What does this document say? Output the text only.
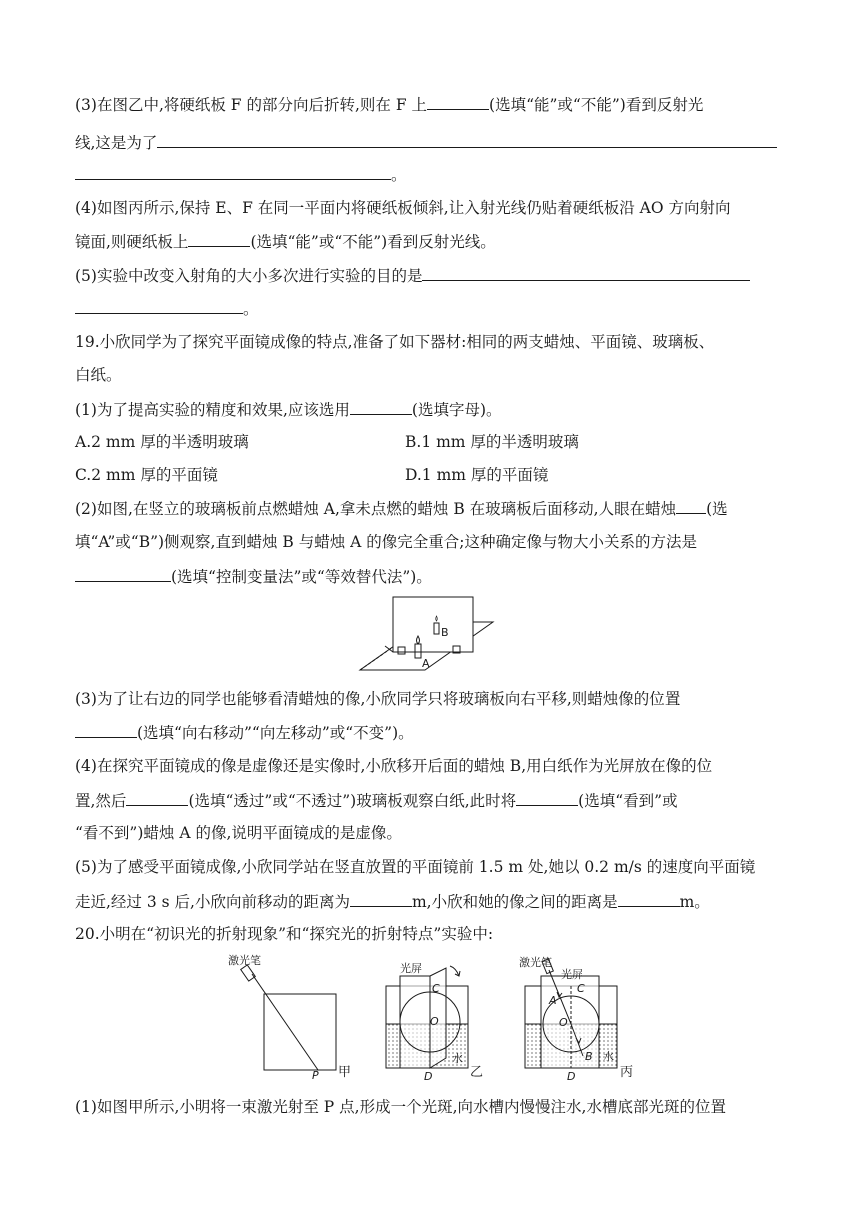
(3)在图乙中,将硬纸板 F 的部分向后折转,则在 F 上	(选填“能”或“不能”)看到反射光
线,这是为了
。
(4)如图丙所示,保持 E、F 在同一平面内将硬纸板倾斜,让入射光线仍贴着硬纸板沿 AO 方向射向
镜面,则硬纸板上	(选填“能”或“不能”)看到反射光线。
(5)实验中改变入射角的大小多次进行实验的目的是
。
19.小欣同学为了探究平面镜成像的特点,准备了如下器材:相同的两支蜡烛、平面镜、玻璃板、
白纸。
(1)为了提高实验的精度和效果,应该选用	(选填字母)。
A.2 mm 厚的半透明玻璃	B.1 mm 厚的半透明玻璃
C.2 mm 厚的平面镜	D.1 mm 厚的平面镜
(2)如图,在竖立的玻璃板前点燃蜡烛 A,拿未点燃的蜡烛 B 在玻璃板后面移动,人眼在蜡烛 (选
填“A”或“B”)侧观察,直到蜡烛 B 与蜡烛 A 的像完全重合;这种确定像与物大小关系的方法是
(选填“控制变量法”或“等效替代法”)。
A
B
(3)为了让右边的同学也能够看清蜡烛的像,小欣同学只将玻璃板向右平移,则蜡烛像的位置
(选填“向右移动”“向左移动”或“不变”)。
(4)在探究平面镜成的像是虚像还是实像时,小欣移开后面的蜡烛 B,用白纸作为光屏放在像的位
置,然后	(选填“透过”或“不透过”)玻璃板观察白纸,此时将	(选填“看到”或
“看不到”)蜡烛 A 的像,说明平面镜成的是虚像。
(5)为了感受平面镜成像,小欣同学站在竖直放置的平面镜前 1.5 m 处,她以 0.2 m/s 的速度向平面镜
走近,经过 3 s 后,小欣向前移动的距离为	m,小欣和她的像之间的距离是	m。
20.小明在“初识光的折射现象”和“探究光的折射特点”实验中:
激光笔
P 甲
光屏
C
O
水
D	乙
激光笔
光屏
A
C
O
B 水
D	丙
(1)如图甲所示,小明将一束激光射至 P 点,形成一个光斑,向水槽内慢慢注水,水槽底部光斑的位置
